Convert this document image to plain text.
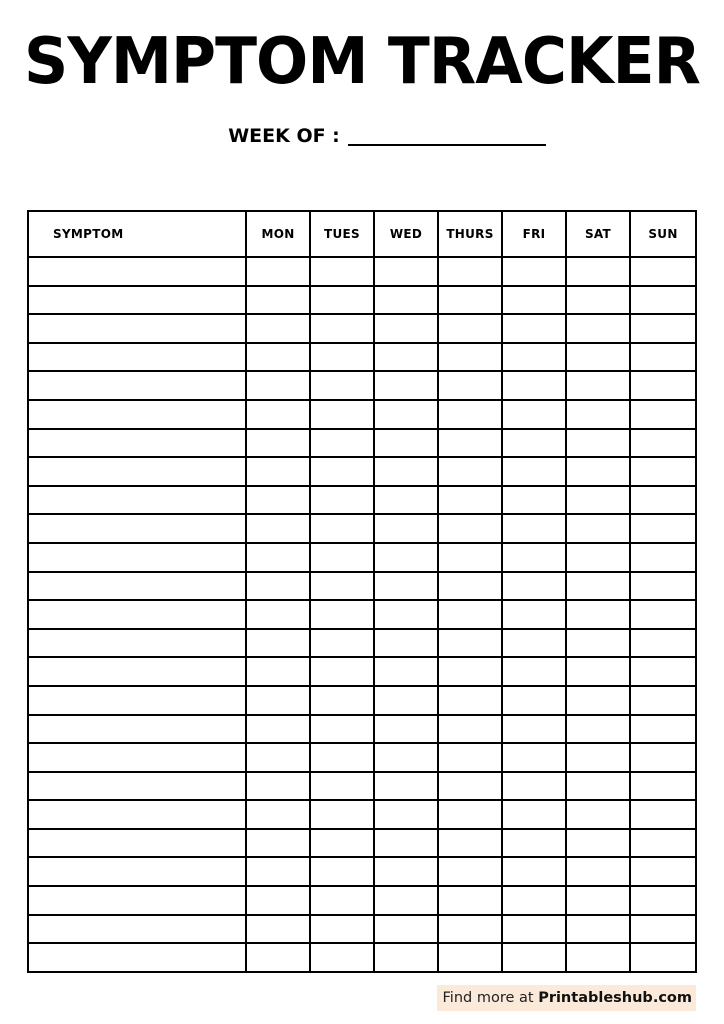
SYMPTOM TRACKER
WEEK OF :
SYMPTOM	MON	TUES	WED	THURS	FRI	SAT	SUN

Find more at Printableshub.com
